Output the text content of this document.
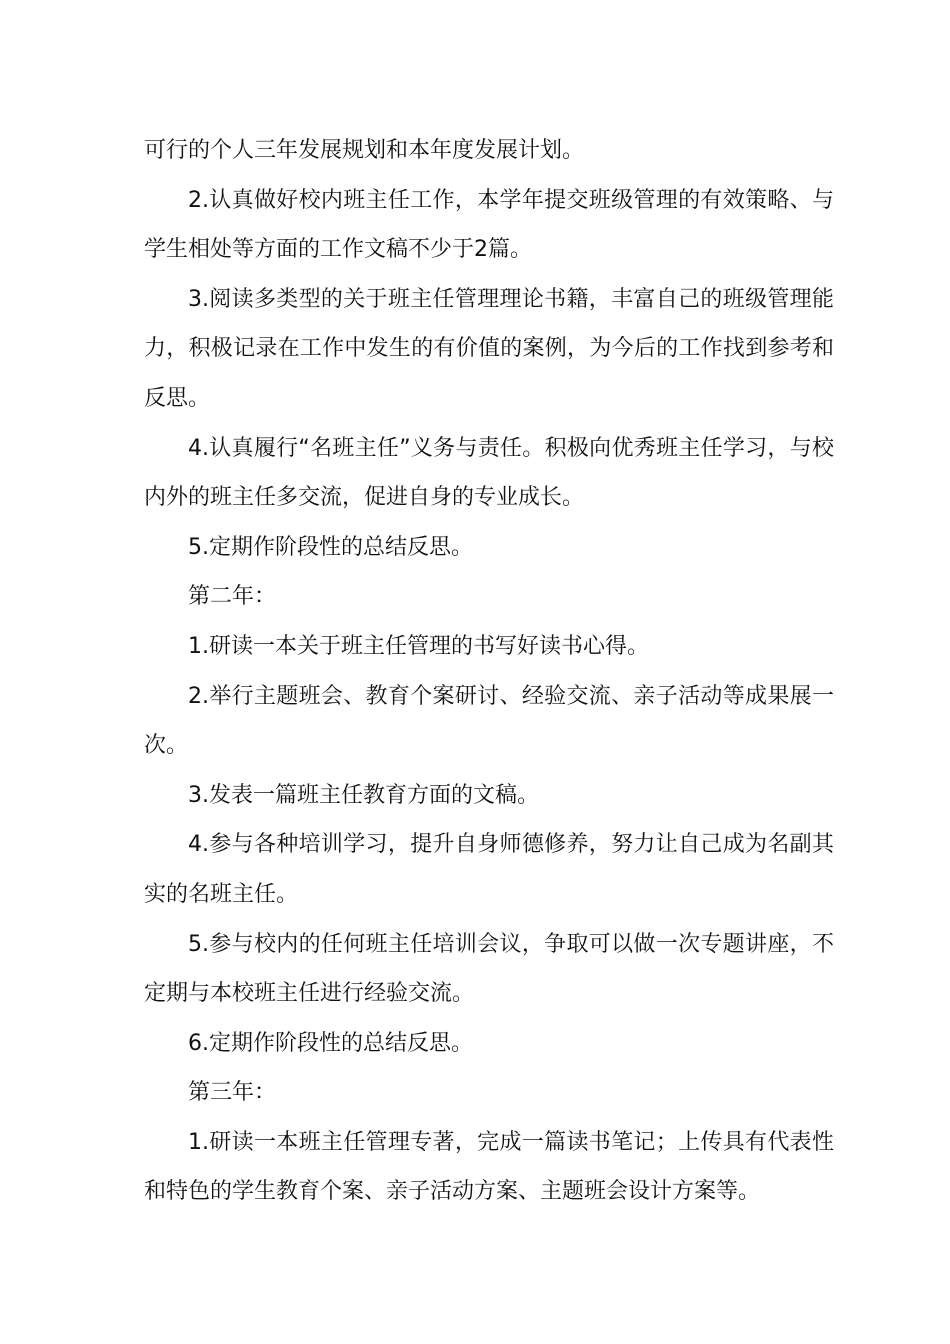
可行的个人三年发展规划和本年度发展计划。

2.认真做好校内班主任工作，本学年提交班级管理的有效策略、与学生相处等方面的工作文稿不少于2篇。

3.阅读多类型的关于班主任管理理论书籍，丰富自己的班级管理能力，积极记录在工作中发生的有价值的案例，为今后的工作找到参考和反思。

4.认真履行“名班主任”义务与责任。积极向优秀班主任学习，与校内外的班主任多交流，促进自身的专业成长。

5.定期作阶段性的总结反思。

第二年：

1.研读一本关于班主任管理的书写好读书心得。

2.举行主题班会、教育个案研讨、经验交流、亲子活动等成果展一次。

3.发表一篇班主任教育方面的文稿。

4.参与各种培训学习，提升自身师德修养，努力让自己成为名副其实的名班主任。

5.参与校内的任何班主任培训会议，争取可以做一次专题讲座，不定期与本校班主任进行经验交流。

6.定期作阶段性的总结反思。

第三年：

1.研读一本班主任管理专著，完成一篇读书笔记；上传具有代表性和特色的学生教育个案、亲子活动方案、主题班会设计方案等。
